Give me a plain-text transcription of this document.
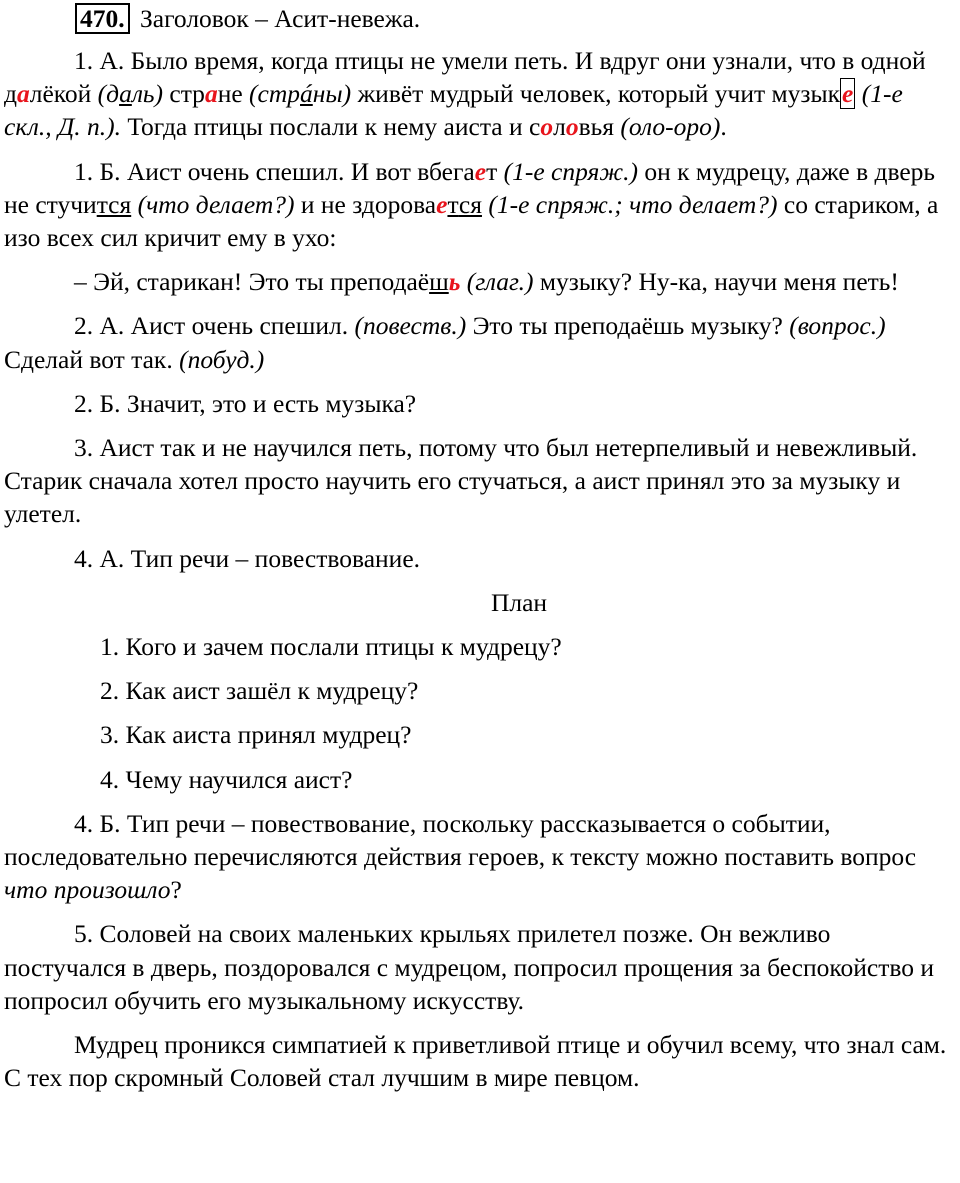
470. Заголовок – Асит-невежа.

1. А. Было время, когда птицы не умели петь. И вдруг они узнали, что в одной далёкой (даль) стране (стрáны) живёт мудрый человек, который учит музыке (1-е скл., Д. п.). Тогда птицы послали к нему аиста и соловья (оло-оро).

1. Б. Аист очень спешил. И вот вбегает (1-е спряж.) он к мудрецу, даже в дверь не стучится (что делает?) и не здоровается (1-е спряж.; что делает?) со стариком, а изо всех сил кричит ему в ухо:

– Эй, старикан! Это ты преподаёшь (глаг.) музыку? Ну-ка, научи меня петь!

2. А. Аист очень спешил. (повеств.) Это ты преподаёшь музыку? (вопрос.) Сделай вот так. (побуд.)

2. Б. Значит, это и есть музыка?

3. Аист так и не научился петь, потому что был нетерпеливый и невежливый. Старик сначала хотел просто научить его стучаться, а аист принял это за музыку и улетел.

4. А. Тип речи – повествование.

План

1. Кого и зачем послали птицы к мудрецу?

2. Как аист зашёл к мудрецу?

3. Как аиста принял мудрец?

4. Чему научился аист?

4. Б. Тип речи – повествование, поскольку рассказывается о событии, последовательно перечисляются действия героев, к тексту можно поставить вопрос что произошло?

5. Соловей на своих маленьких крыльях прилетел позже. Он вежливо постучался в дверь, поздоровался с мудрецом, попросил прощения за беспокойство и попросил обучить его музыкальному искусству.

Мудрец проникся симпатией к приветливой птице и обучил всему, что знал сам. С тех пор скромный Соловей стал лучшим в мире певцом.
